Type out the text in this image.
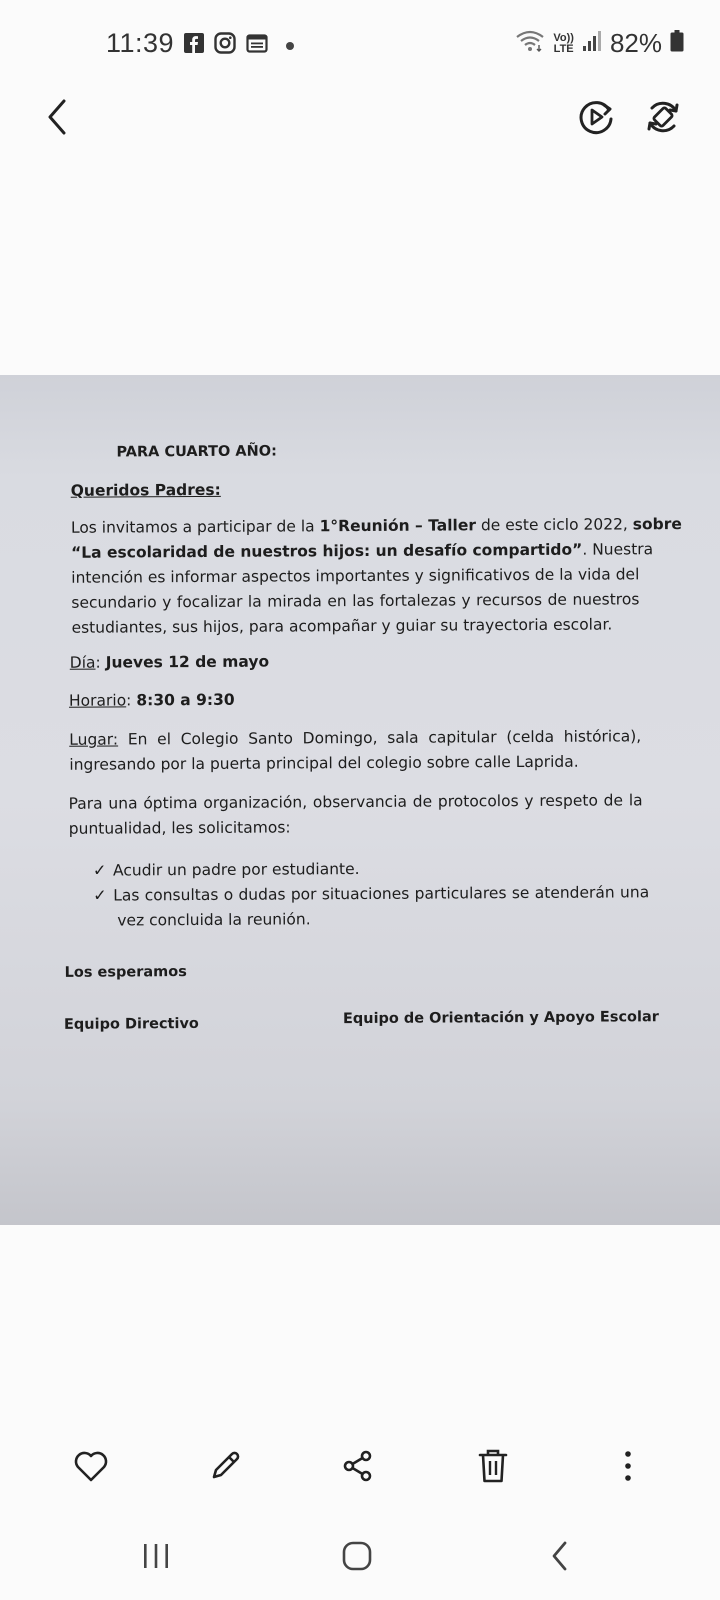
11:39	Vo))
LTE 82%
PARA CUARTO AÑO:
Queridos Padres:
Los invitamos a participar de la 1°Reunión – Taller de este ciclo 2022, sobre
“La escolaridad de nuestros hijos: un desafío compartido”. Nuestra
intención es informar aspectos importantes y significativos de la vida del
secundario y focalizar la mirada en las fortalezas y recursos de nuestros
estudiantes, sus hijos, para acompañar y guiar su trayectoria escolar.
Día: Jueves 12 de mayo
Horario: 8:30 a 9:30
Lugar: En el Colegio Santo Domingo, sala capitular (celda histórica),
ingresando por la puerta principal del colegio sobre calle Laprida.
Para una óptima organización, observancia de protocolos y respeto de la
puntualidad, les solicitamos:
✓ Acudir un padre por estudiante.
✓ Las consultas o dudas por situaciones particulares se atenderán una
vez concluida la reunión.
Los esperamos
Equipo Directivo	Equipo de Orientación y Apoyo Escolar
